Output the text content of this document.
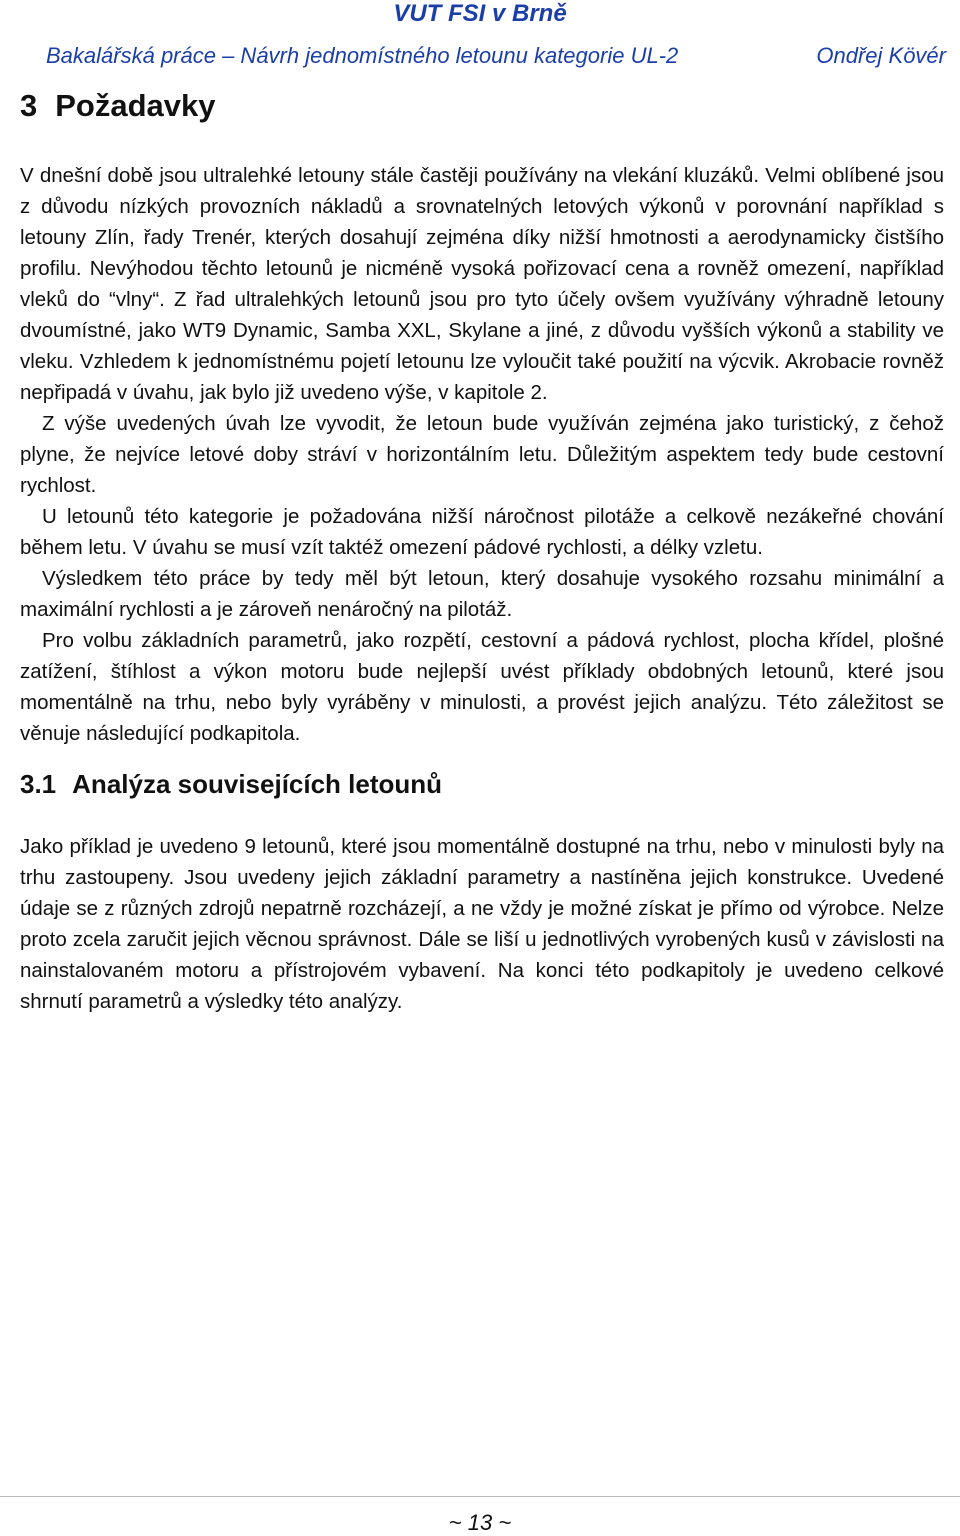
VUT FSI v Brně
Bakalářská práce – Návrh jednomístného letounu kategorie UL-2	Ondřej Kövér
3 Požadavky

V dnešní době jsou ultralehké letouny stále častěji používány na vlekání kluzáků. Velmi oblíbené jsou z důvodu nízkých provozních nákladů a srovnatelných letových výkonů v porovnání například s letouny Zlín, řady Trenér, kterých dosahují zejména díky nižší hmotnosti a aerodynamicky čistšího profilu. Nevýhodou těchto letounů je nicméně vysoká pořizovací cena a rovněž omezení, například vleků do “vlny“. Z řad ultralehkých letounů jsou pro tyto účely ovšem využívány výhradně letouny dvoumístné, jako WT9 Dynamic, Samba XXL, Skylane a jiné, z důvodu vyšších výkonů a stability ve vleku. Vzhledem k jednomístnému pojetí letounu lze vyloučit také použití na výcvik. Akrobacie rovněž nepřipadá v úvahu, jak bylo již uvedeno výše, v kapitole 2.

Z výše uvedených úvah lze vyvodit, že letoun bude využíván zejména jako turistický, z čehož plyne, že nejvíce letové doby stráví v horizontálním letu. Důležitým aspektem tedy bude cestovní rychlost.

U letounů této kategorie je požadována nižší náročnost pilotáže a celkově nezákeřné chování během letu. V úvahu se musí vzít taktéž omezení pádové rychlosti, a délky vzletu.

Výsledkem této práce by tedy měl být letoun, který dosahuje vysokého rozsahu minimální a maximální rychlosti a je zároveň nenáročný na pilotáž.

Pro volbu základních parametrů, jako rozpětí, cestovní a pádová rychlost, plocha křídel, plošné zatížení, štíhlost a výkon motoru bude nejlepší uvést příklady obdobných letounů, které jsou momentálně na trhu, nebo byly vyráběny v minulosti, a provést jejich analýzu. Této záležitost se věnuje následující podkapitola.

3.1 Analýza souvisejících letounů

Jako příklad je uvedeno 9 letounů, které jsou momentálně dostupné na trhu, nebo v minulosti byly na trhu zastoupeny. Jsou uvedeny jejich základní parametry a nastíněna jejich konstrukce. Uvedené údaje se z různých zdrojů nepatrně rozcházejí, a ne vždy je možné získat je přímo od výrobce. Nelze proto zcela zaručit jejich věcnou správnost. Dále se liší u jednotlivých vyrobených kusů v závislosti na nainstalovaném motoru a přístrojovém vybavení. Na konci této podkapitoly je uvedeno celkové shrnutí parametrů a výsledky této analýzy.

~ 13 ~
